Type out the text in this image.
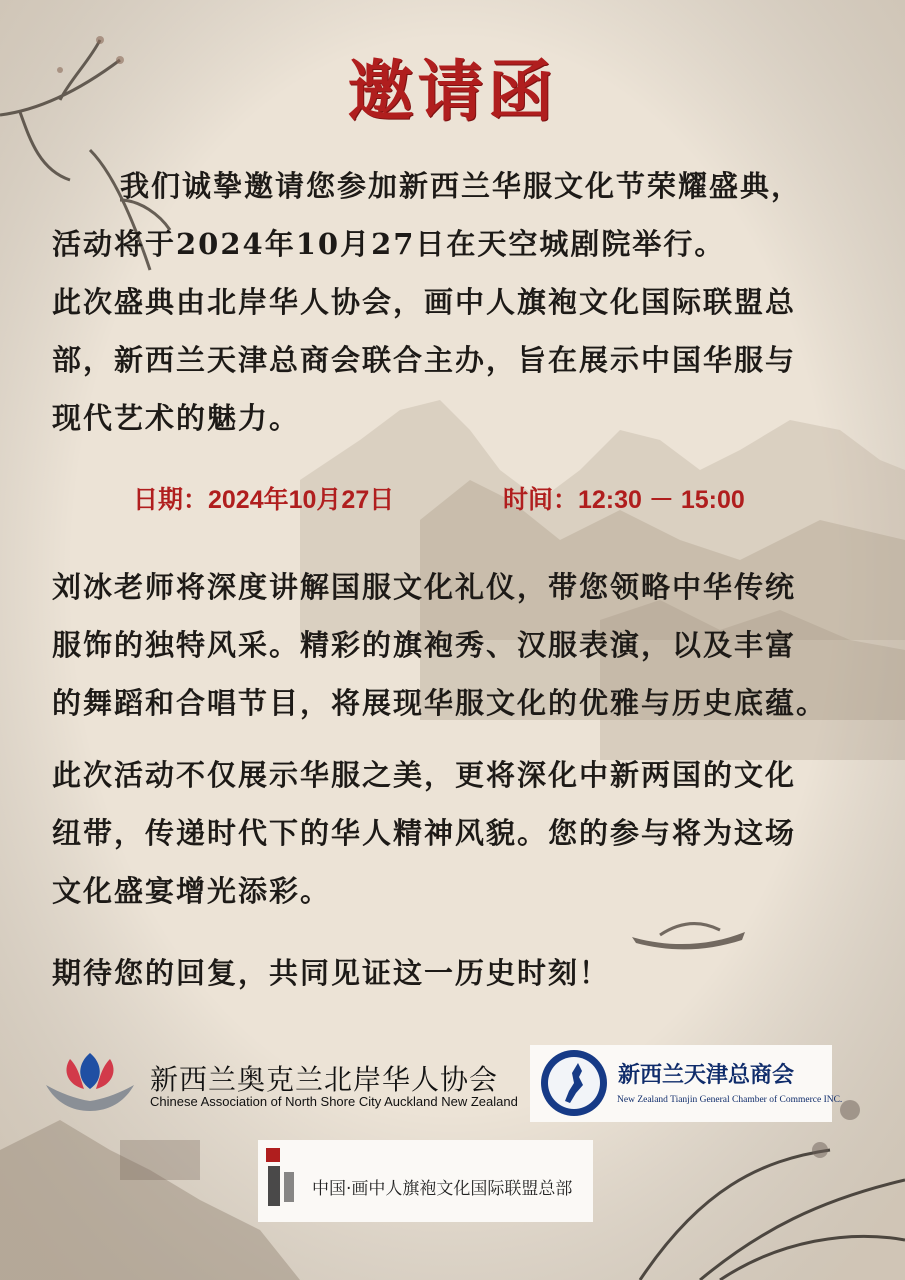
邀请函
我们诚挚邀请您参加新西兰华服文化节荣耀盛典，
活动将于2024年10月27日在天空城剧院举行。
此次盛典由北岸华人协会，画中人旗袍文化国际联盟总
部，新西兰天津总商会联合主办，旨在展示中国华服与
现代艺术的魅力。
日期：2024年10月27日	时间：12:30 － 15:00
刘冰老师将深度讲解国服文化礼仪，带您领略中华传统
服饰的独特风采。精彩的旗袍秀、汉服表演，以及丰富
的舞蹈和合唱节目，将展现华服文化的优雅与历史底蕴。
此次活动不仅展示华服之美，更将深化中新两国的文化
纽带，传递时代下的华人精神风貌。您的参与将为这场
文化盛宴增光添彩。
期待您的回复，共同见证这一历史时刻！
新西兰奥克兰北岸华人协会
Chinese Association of North Shore City Auckland New Zealand
新西兰天津总商会
New Zealand Tianjin General Chamber of Commerce INC.
中国·画中人旗袍文化国际联盟总部
